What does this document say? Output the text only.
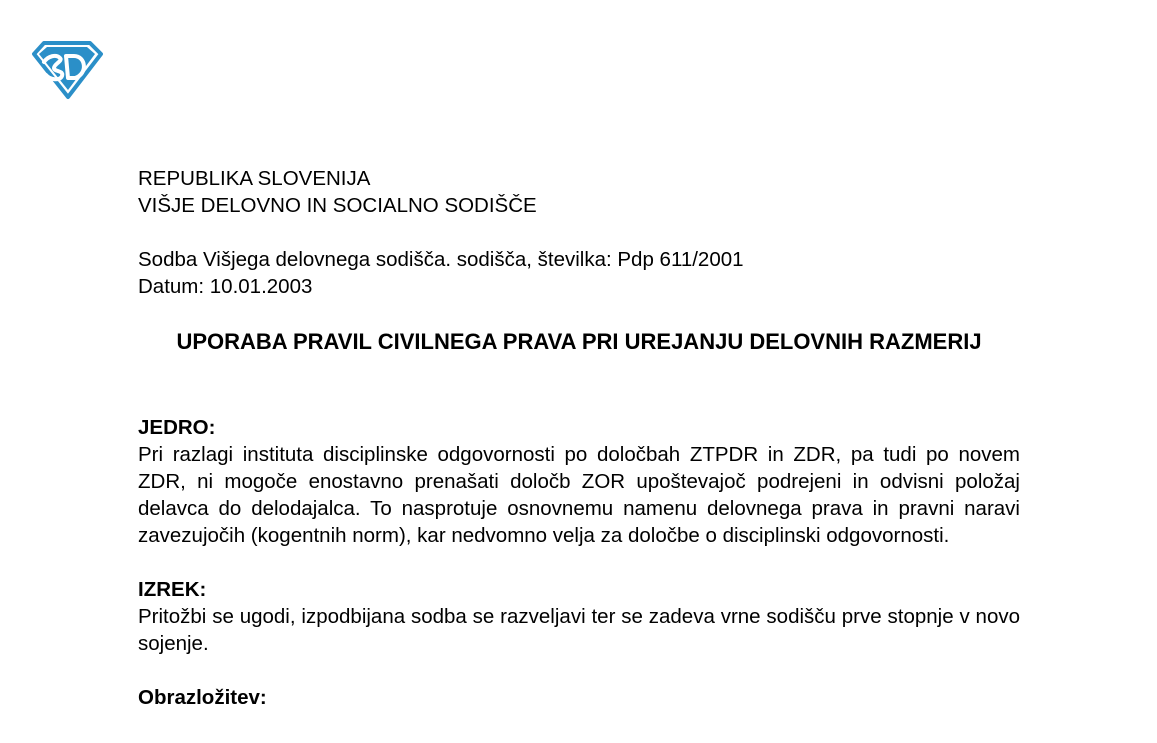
REPUBLIKA SLOVENIJA
VIŠJE DELOVNO IN SOCIALNO SODIŠČE
Sodba Višjega delovnega sodišča. sodišča, številka: Pdp 611/2001
Datum: 10.01.2003
UPORABA PRAVIL CIVILNEGA PRAVA PRI UREJANJU DELOVNIH RAZMERIJ
JEDRO:

Pri razlagi instituta disciplinske odgovornosti po določbah ZTPDR in ZDR, pa tudi po novem ZDR, ni mogoče enostavno prenašati določb ZOR upoštevajoč podrejeni in odvisni položaj delavca do delodajalca. To nasprotuje osnovnemu namenu delovnega prava in pravni naravi zavezujočih (kogentnih norm), kar nedvomno velja za določbe o disciplinski odgovornosti.

IZREK:

Pritožbi se ugodi, izpodbijana sodba se razveljavi ter se zadeva vrne sodišču prve stopnje v novo sojenje.

Obrazložitev:
